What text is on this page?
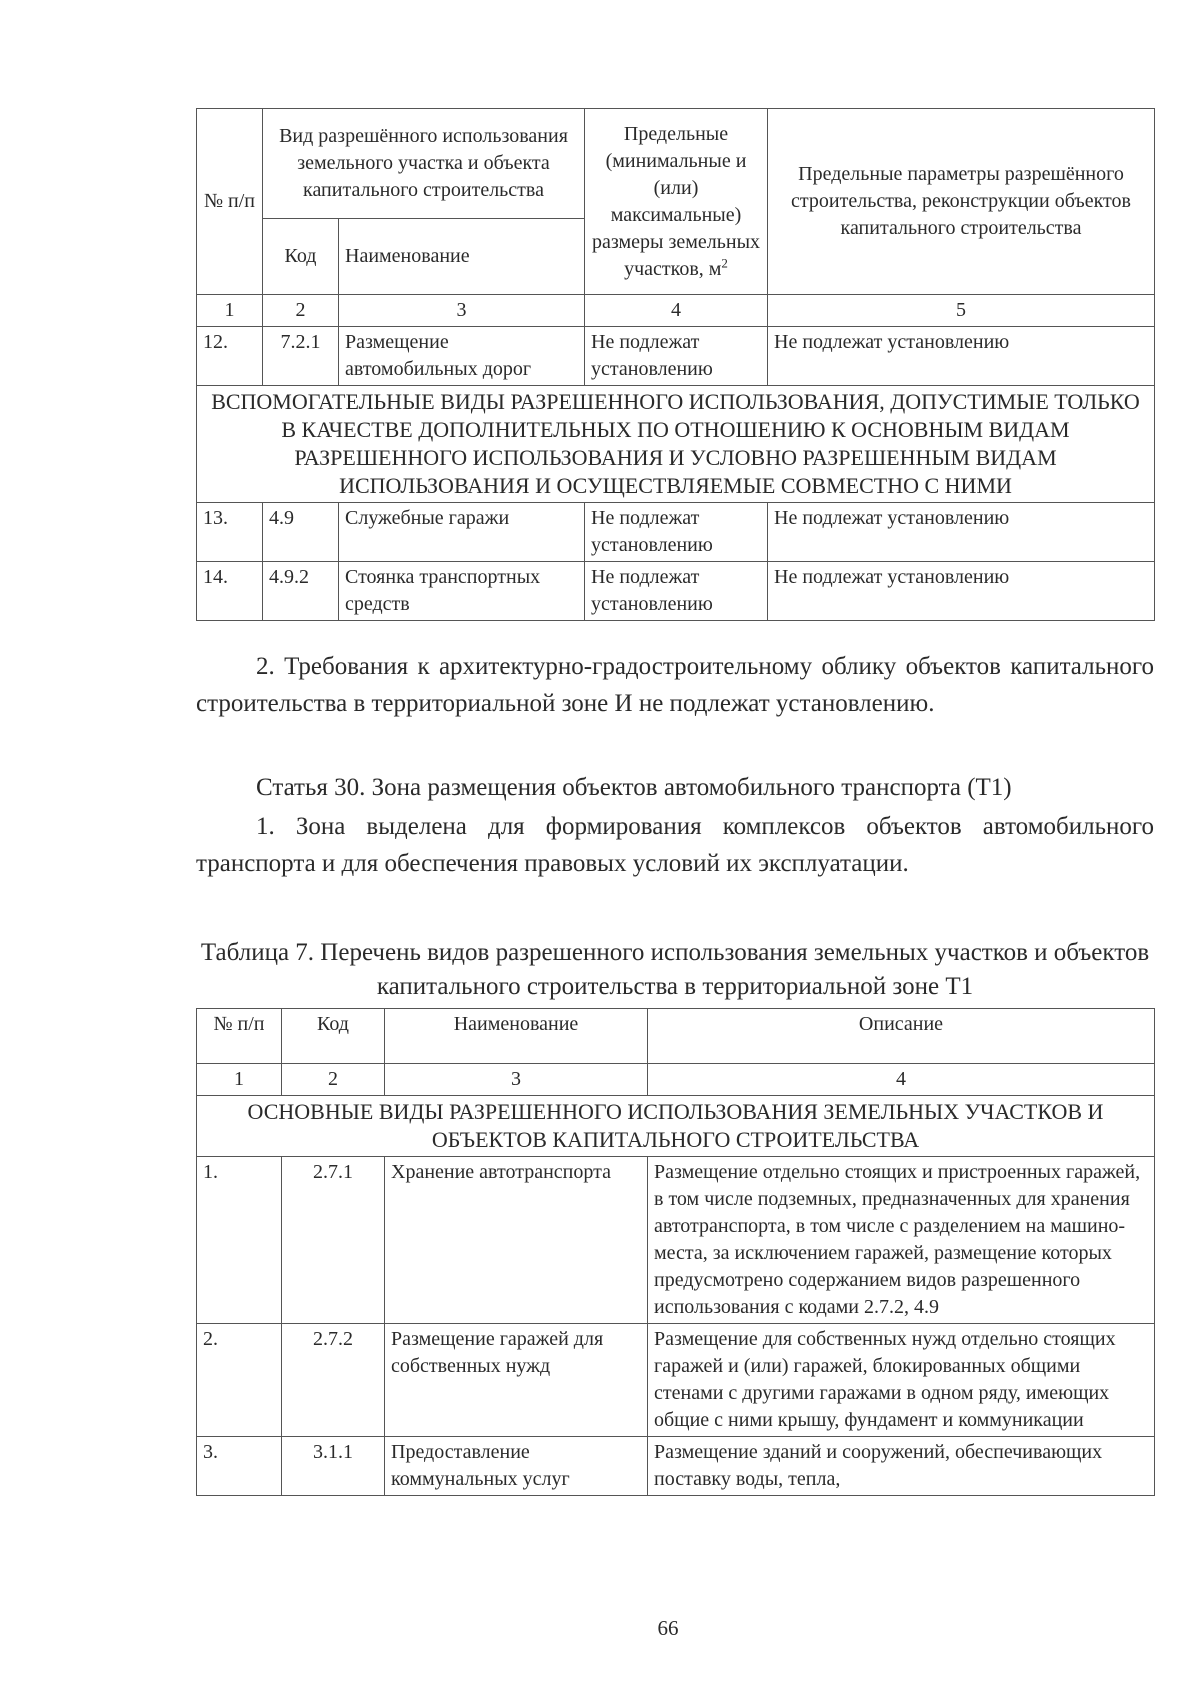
№ п/п	Вид разрешённого использования земельного участка и объекта капитального строительства		Предельные (минимальные и (или) максимальные) размеры земельных участков, $м^2$	Предельные параметры разрешённого строительства, реконструкции объектов капитального строительства
	Код	Наименование		
1	2	3	4	5
12.	7.2.1	Размещение автомобильных дорог	Не подлежат установлению	Не подлежат установлению
ВСПОМОГАТЕЛЬНЫЕ ВИДЫ РАЗРЕШЕННОГО ИСПОЛЬЗОВАНИЯ, ДОПУСТИМЫЕ ТОЛЬКО В КАЧЕСТВЕ ДОПОЛНИТЕЛЬНЫХ ПО ОТНОШЕНИЮ К ОСНОВНЫМ ВИДАМ РАЗРЕШЕННОГО ИСПОЛЬЗОВАНИЯ И УСЛОВНО РАЗРЕШЕННЫМ ВИДАМ ИСПОЛЬЗОВАНИЯ И ОСУЩЕСТВЛЯЕМЫЕ СОВМЕСТНО С НИМИ				
13.	4.9	Служебные гаражи	Не подлежат установлению	Не подлежат установлению
14.	4.9.2	Стоянка транспортных средств	Не подлежат установлению	Не подлежат установлению

2. Требования к архитектурно-градостроительному облику объектов капитального строительства в территориальной зоне И не подлежат установлению.

Статья 30. Зона размещения объектов автомобильного транспорта (Т1)

1. Зона выделена для формирования комплексов объектов автомобильного транспорта и для обеспечения правовых условий их эксплуатации.

Таблица 7. Перечень видов разрешенного использования земельных участков и объектов капитального строительства в территориальной зоне Т1

№ п/п	Код	Наименование	Описание
1	2	3	4
ОСНОВНЫЕ ВИДЫ РАЗРЕШЕННОГО ИСПОЛЬЗОВАНИЯ ЗЕМЕЛЬНЫХ УЧАСТКОВ И ОБЪЕКТОВ КАПИТАЛЬНОГО СТРОИТЕЛЬСТВА			
1.	2.7.1	Хранение автотранспорта	Размещение отдельно стоящих и пристроенных гаражей, в том числе подземных, предназначенных для хранения автотранспорта, в том числе с разделением на машино-места, за исключением гаражей, размещение которых предусмотрено содержанием видов разрешенного использования с кодами 2.7.2, 4.9
2.	2.7.2	Размещение гаражей для собственных нужд	Размещение для собственных нужд отдельно стоящих гаражей и (или) гаражей, блокированных общими стенами с другими гаражами в одном ряду, имеющих общие с ними крышу, фундамент и коммуникации
3.	3.1.1	Предоставление коммунальных услуг	Размещение зданий и сооружений, обеспечивающих поставку воды, тепла,
66
